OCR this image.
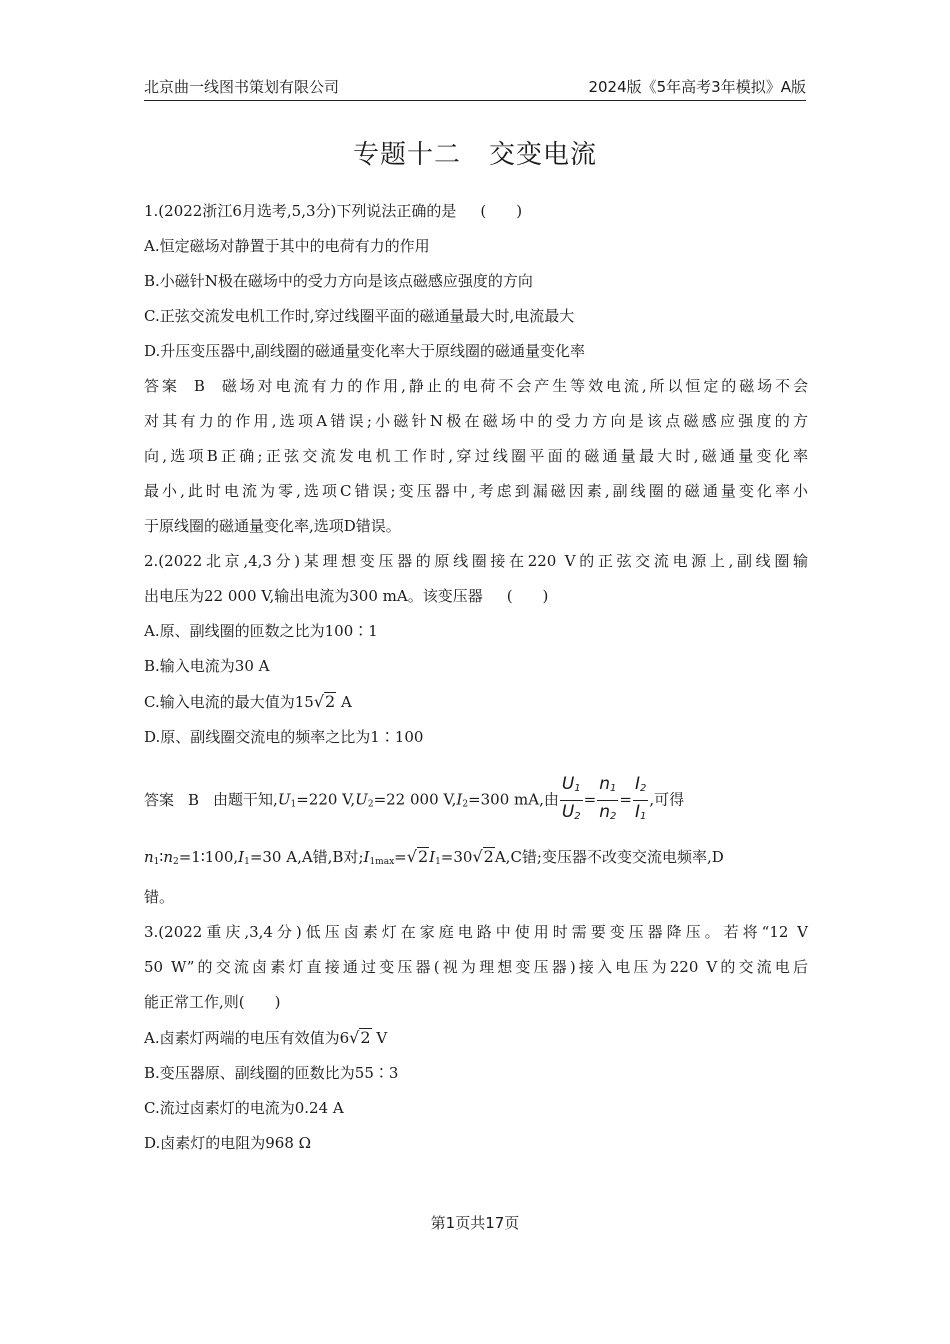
北京曲一线图书策划有限公司	2024版《5年高考3年模拟》A版
专题十二 交变电流
1.(2022浙江6月选考,5,3分)下列说法正确的是 (　　)
A.恒定磁场对静置于其中的电荷有力的作用
B.小磁针N极在磁场中的受力方向是该点磁感应强度的方向
C.正弦交流发电机工作时,穿过线圈平面的磁通量最大时,电流最大
D.升压变压器中,副线圈的磁通量变化率大于原线圈的磁通量变化率
答案 B 磁场对电流有力的作用,静止的电荷不会产生等效电流,所以恒定的磁场不会
对其有力的作用,选项A错误;小磁针N极在磁场中的受力方向是该点磁感应强度的方
向,选项B正确;正弦交流发电机工作时,穿过线圈平面的磁通量最大时,磁通量变化率
最小,此时电流为零,选项C错误;变压器中,考虑到漏磁因素,副线圈的磁通量变化率小
于原线圈的磁通量变化率,选项D错误。
2.(2022北京,4,3分)某理想变压器的原线圈接在220 V的正弦交流电源上,副线圈输
出电压为22 000 V,输出电流为300 mA。该变压器 (　　)
A.原、副线圈的匝数之比为100∶1
B.输入电流为30 A
C.输入电流的最大值为15√2 A
D.原、副线圈交流电的频率之比为1∶100
答案 B 由题干知$,U_1=220$ $V,U_2=22$ 000 $V,I_2=300$ mA,由 $\frac{U_1}{U_2} = \frac{n_1}{n_2} = \frac{I_2}{I_1}$ ,可得
$n_1∶n_2=1∶100,I_1=30$ A,A错,B对$;I_{1max}=√2I_1=30√2A,C$错;变压器不改变交流电频率,D
错。
3.(2022重庆,3,4分)低压卤素灯在家庭电路中使用时需要变压器降压。若将“12 V
50 W”的交流卤素灯直接通过变压器(视为理想变压器)接入电压为220 V的交流电后
能正常工作,则(　　)
A.卤素灯两端的电压有效值为6√2 V
B.变压器原、副线圈的匝数比为55∶3
C.流过卤素灯的电流为0.24 A
D.卤素灯的电阻为968 Ω
第1页共17页
